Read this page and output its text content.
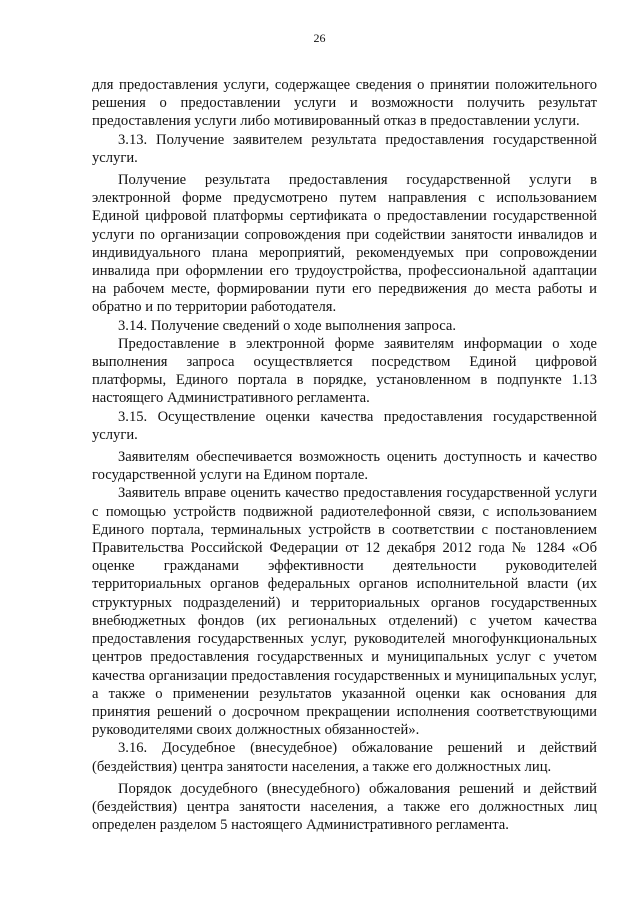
26

для предоставления услуги, содержащее сведения о принятии положительного решения о предоставлении услуги и возможности получить результат предоставления услуги либо мотивированный отказ в предоставлении услуги.

3.13. Получение заявителем результата предоставления государственной услуги.

Получение результата предоставления государственной услуги в электронной форме предусмотрено путем направления с использованием Единой цифровой платформы сертификата о предоставлении государственной услуги по организации сопровождения при содействии занятости инвалидов и индивидуального плана мероприятий, рекомендуемых при сопровождении инвалида при оформлении его трудоустройства, профессиональной адаптации на рабочем месте, формировании пути его передвижения до места работы и обратно и по территории работодателя.

3.14. Получение сведений о ходе выполнения запроса.

Предоставление в электронной форме заявителям информации о ходе выполнения запроса осуществляется посредством Единой цифровой платформы, Единого портала в порядке, установленном в подпункте 1.13 настоящего Административного регламента.

3.15. Осуществление оценки качества предоставления государственной услуги.

Заявителям обеспечивается возможность оценить доступность и качество государственной услуги на Едином портале.

Заявитель вправе оценить качество предоставления государственной услуги с помощью устройств подвижной радиотелефонной связи, с использованием Единого портала, терминальных устройств в соответствии с постановлением Правительства Российской Федерации от 12 декабря 2012 года № 1284 «Об оценке гражданами эффективности деятельности руководителей территориальных органов федеральных органов исполнительной власти (их структурных подразделений) и территориальных органов государственных внебюджетных фондов (их региональных отделений) с учетом качества предоставления государственных услуг, руководителей многофункциональных центров предоставления государственных и муниципальных услуг с учетом качества организации предоставления государственных и муниципальных услуг, а также о применении результатов указанной оценки как основания для принятия решений о досрочном прекращении исполнения соответствующими руководителями своих должностных обязанностей».

3.16. Досудебное (внесудебное) обжалование решений и действий (бездействия) центра занятости населения, а также его должностных лиц.

Порядок досудебного (внесудебного) обжалования решений и действий (бездействия) центра занятости населения, а также его должностных лиц определен разделом 5 настоящего Административного регламента.
